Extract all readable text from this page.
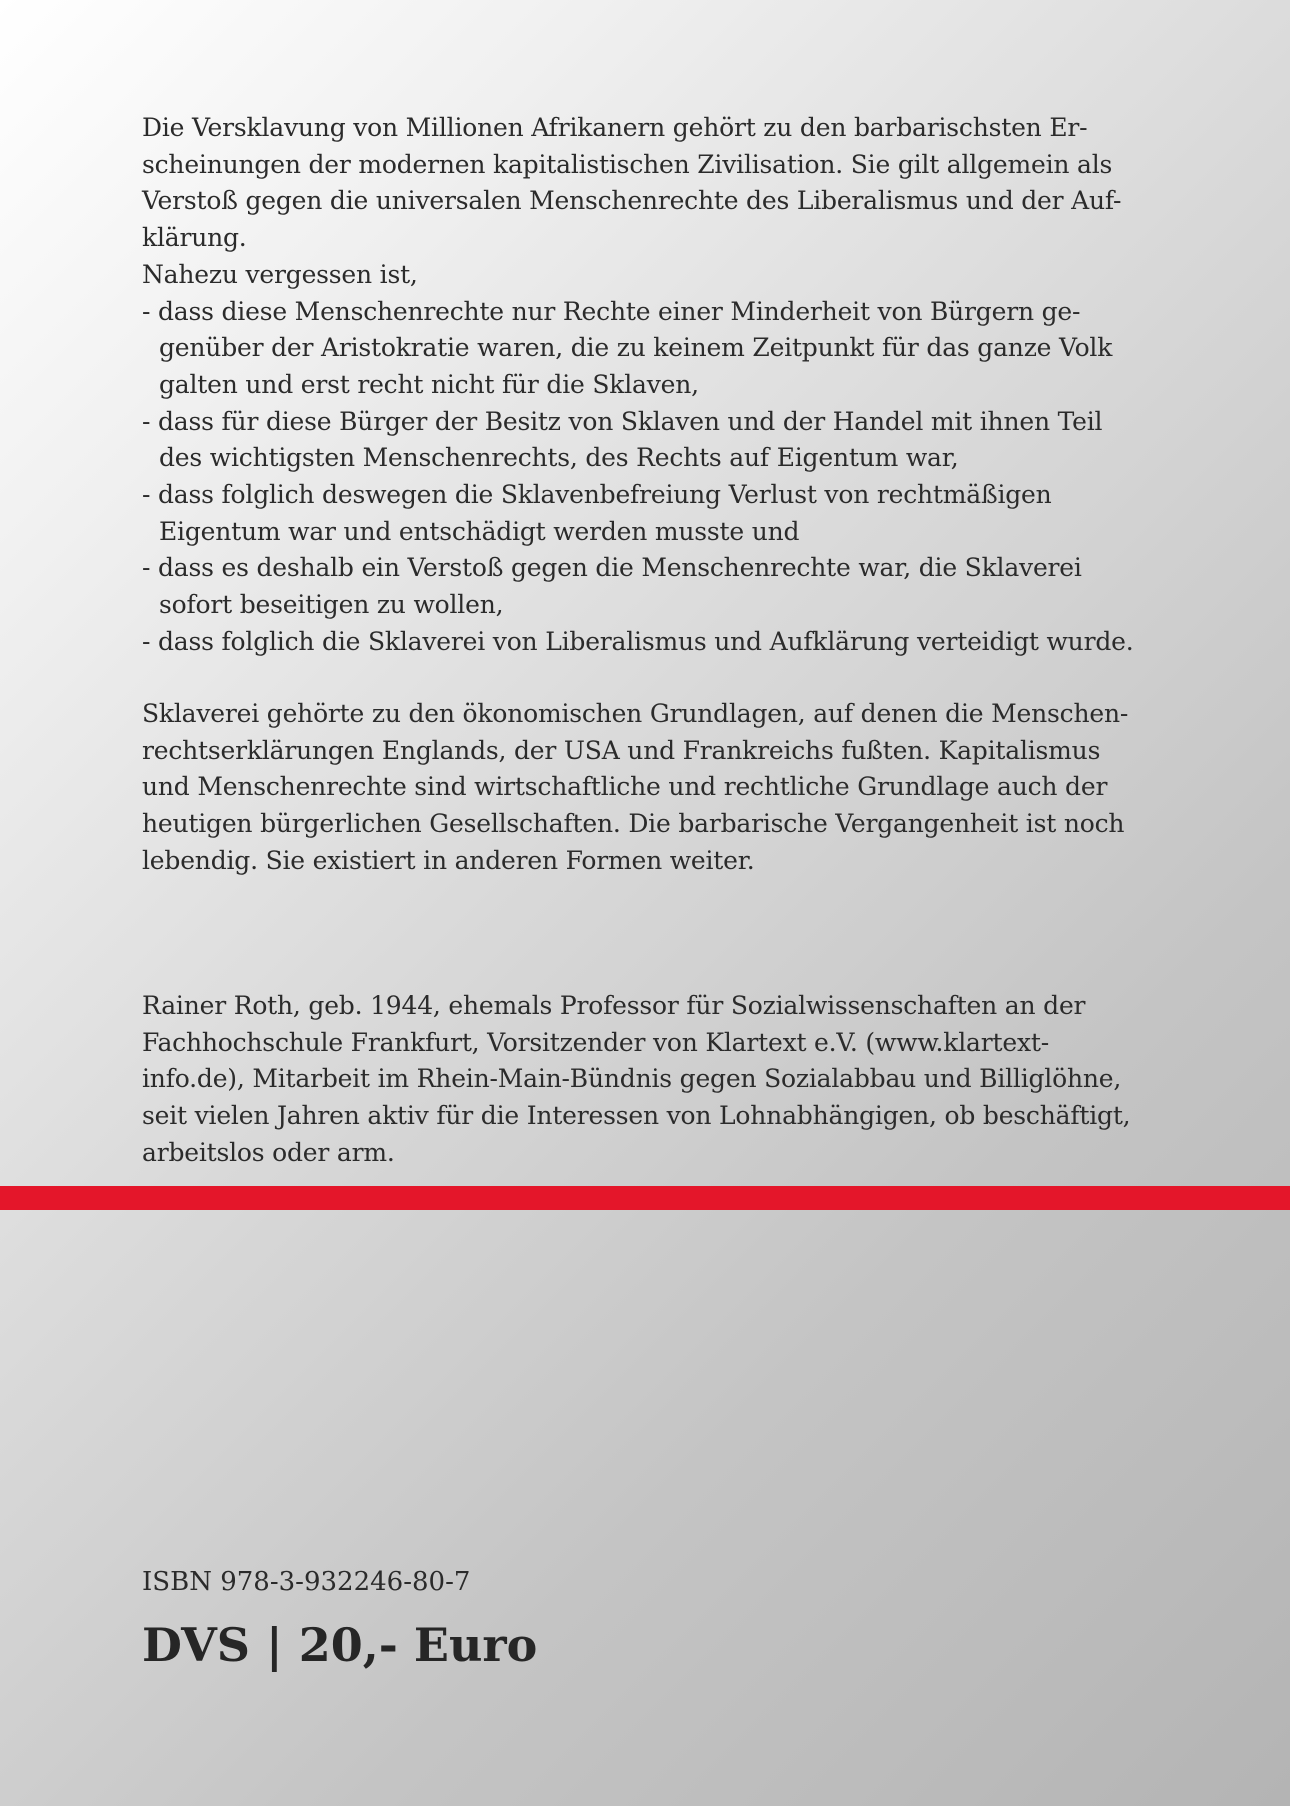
Die Versklavung von Millionen Afrikanern gehört zu den barbarischsten Er-
scheinungen der modernen kapitalistischen Zivilisation. Sie gilt allgemein als
Verstoß gegen die universalen Menschenrechte des Liberalismus und der Auf-
klärung.
Nahezu vergessen ist,
- dass diese Menschenrechte nur Rechte einer Minderheit von Bürgern ge-
genüber der Aristokratie waren, die zu keinem Zeitpunkt für das ganze Volk
galten und erst recht nicht für die Sklaven,
- dass für diese Bürger der Besitz von Sklaven und der Handel mit ihnen Teil
des wichtigsten Menschenrechts, des Rechts auf Eigentum war,
- dass folglich deswegen die Sklavenbefreiung Verlust von rechtmäßigen
Eigentum war und entschädigt werden musste und
- dass es deshalb ein Verstoß gegen die Menschenrechte war, die Sklaverei
sofort beseitigen zu wollen,
- dass folglich die Sklaverei von Liberalismus und Aufklärung verteidigt wurde.
Sklaverei gehörte zu den ökonomischen Grundlagen, auf denen die Menschen-
rechtserklärungen Englands, der USA und Frankreichs fußten. Kapitalismus
und Menschenrechte sind wirtschaftliche und rechtliche Grundlage auch der
heutigen bürgerlichen Gesellschaften. Die barbarische Vergangenheit ist noch
lebendig. Sie existiert in anderen Formen weiter.
Rainer Roth, geb. 1944, ehemals Professor für Sozialwissenschaften an der
Fachhochschule Frankfurt, Vorsitzender von Klartext e.V. (www.klartext-
info.de), Mitarbeit im Rhein-Main-Bündnis gegen Sozialabbau und Billiglöhne,
seit vielen Jahren aktiv für die Interessen von Lohnabhängigen, ob beschäftigt,
arbeitslos oder arm.
ISBN 978-3-932246-80-7
DVS | 20,- Euro
